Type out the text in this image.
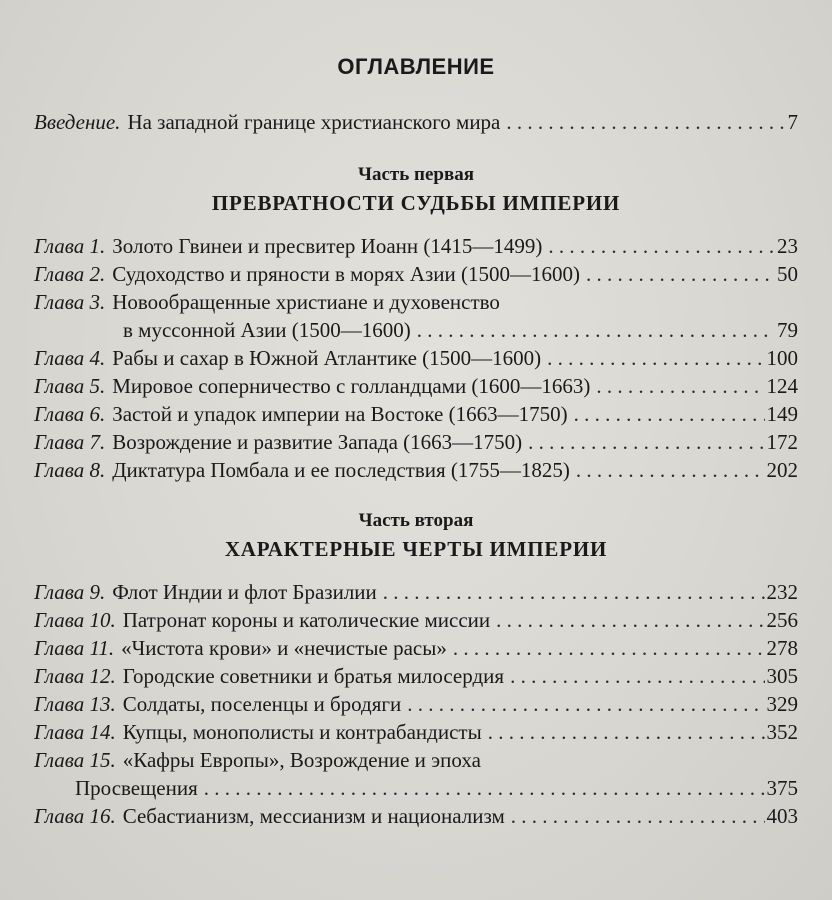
ОГЛАВЛЕНИЕ
Введение. На западной границе христианского мира . . .	7
Часть первая
ПРЕВРАТНОСТИ СУДЬБЫ ИМПЕРИИ
Глава 1. Золото Гвинеи и пресвитер Иоанн (1415—1499) . . .	23
Глава 2. Судоходство и пряности в морях Азии (1500—1600) . . .	50
Глава 3. Новообращенные христиане и духовенство
в муссонной Азии (1500—1600) . . .	79
Глава 4. Рабы и сахар в Южной Атлантике (1500—1600) . . .	100
Глава 5. Мировое соперничество с голландцами (1600—1663) . . .	124
Глава 6. Застой и упадок империи на Востоке (1663—1750) . . .	149
Глава 7. Возрождение и развитие Запада (1663—1750) . . .	172
Глава 8. Диктатура Помбала и ее последствия (1755—1825) . . .	202
Часть вторая
ХАРАКТЕРНЫЕ ЧЕРТЫ ИМПЕРИИ
Глава 9. Флот Индии и флот Бразилии . . .	232
Глава 10. Патронат короны и католические миссии . . .	256
Глава 11. «Чистота крови» и «нечистые расы» . . .	278
Глава 12. Городские советники и братья милосердия . . .	305
Глава 13. Солдаты, поселенцы и бродяги . . .	329
Глава 14. Купцы, монополисты и контрабандисты . . .	352
Глава 15. «Кафры Европы», Возрождение и эпоха
Просвещения . . .	375
Глава 16. Себастианизм, мессианизм и национализм . . .	403
